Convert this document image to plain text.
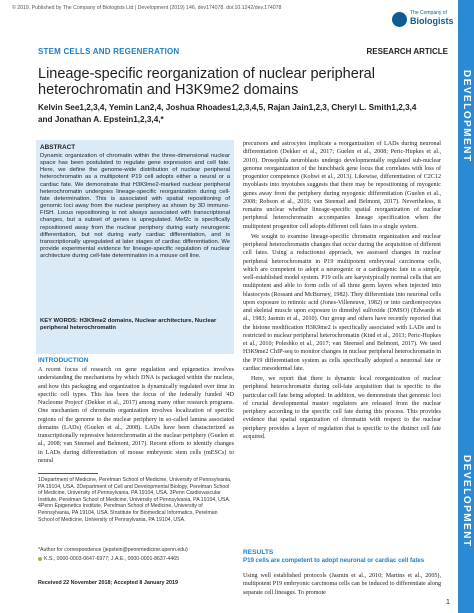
© 2019. Published by The Company of Biologists Ltd | Development (2019) 146, dev174078. doi:10.1242/dev.174078
The Company of
Biologists
STEM CELLS AND REGENERATION	RESEARCH ARTICLE
Lineage-specific reorganization of nuclear peripheral heterochromatin and H3K9me2 domains
Kelvin See1,2,3,4, Yemin Lan2,4, Joshua Rhoades1,2,3,4,5, Rajan Jain1,2,3, Cheryl L. Smith1,2,3,4 and Jonathan A. Epstein1,2,3,4,*	DEVELOPMENT
DEVELOPMENT
ABSTRACT
Dynamic organization of chromatin within the three-dimensional nuclear space has been postulated to regulate gene expression and cell fate. Here, we define the genome-wide distribution of nuclear peripheral heterochromatin as a multipotent P19 cell adopts either a neural or a cardiac fate. We demonstrate that H3K9me2-marked nuclear peripheral heterochromatin undergoes lineage-specific reorganization during cell-fate determination. This is associated with spatial repositioning of genomic loci away from the nuclear periphery as shown by 3D immuno-FISH. Locus repositioning is not always associated with transcriptional changes, but a subset of genes is upregulated. Mef2c is specifically repositioned away from the nuclear periphery during early neurogenic differentiation, but not during early cardiac differentiation, and is transcriptionally upregulated at later stages of cardiac differentiation. We provide experimental evidence for lineage-specific regulation of nuclear architecture during cell-fate determination in a mouse cell line.
KEY WORDS: H3K9me2 domains, Nuclear architecture, Nuclear peripheral heterochromatin
INTRODUCTION
A recent focus of research on gene regulation and epigenetics involves understanding the mechanisms by which DNA is packaged within the nucleus, and how this packaging and organization is dynamically regulated over time in specific cell types. This has been the focus of the federally funded '4D Nucleome Project' (Dekker et al., 2017) among many other research programs. One mechanism of chromatin organization involves localization of specific regions of the genome to the nuclear periphery in so-called lamina associated domains (LADs) (Guelen et al., 2008). LADs have been characterized as transcriptionally repressive heterochromatin at the nuclear periphery (Guelen et al., 2008; van Steensel and Belmont, 2017). Recent efforts to identify changes in LADs during differentiation of mouse embryonic stem cells (mESCs) to neural
1Department of Medicine, Perelman School of Medicine, University of Pennsylvania, PA 19104, USA. 2Department of Cell and Developmental Biology, Perelman School of Medicine, University of Pennsylvania, PA 19104, USA. 3Penn Cardiovascular Institute, Perelman School of Medicine, University of Pennsylvania, PA 19104, USA. 4Penn Epigenetics Institute, Perelman School of Medicine, University of Pennsylvania, PA 19104, USA. 5Institute for Biomedical Informatics, Perelman School of Medicine, University of Pennsylvania, PA 19104, USA.
*Author for correspondence (jepstein@pennmedicine.upenn.edu)
K.S., 0000-0003-0647-6977; J.A.E., 0000-0001-8637-4465
Received 22 November 2018; Accepted 8 January 2019

precursors and astrocytes implicate a reorganization of LADs during neuronal differentiation (Dekker et al., 2017; Guelen et al., 2008; Peric-Hupkes et al., 2010). Drosophila neuroblasts undergo developmentally regulated sub-nuclear genome reorganization of the hunchback gene locus that correlates with loss of progenitor competence (Kohwi et al., 2013). Likewise, differentiation of C2C12 myoblasts into myotubes suggests that there may be repositioning of myogenic genes away from the periphery during myogenic differentiation (Guelen et al., 2008; Robson et al., 2016; van Steensel and Belmont, 2017). Nevertheless, it remains unclear whether lineage-specific spatial reorganization of nuclear peripheral heterochromatin accompanies lineage specification when the multipotent progenitor cell adopts different cell fates in a single system.

We sought to examine lineage-specific chromatin organization and nuclear peripheral heterochromatin changes that occur during the acquisition of different cell fates. Using a reductionist approach, we assessed changes in nuclear peripheral heterochromatin in P19 multipotent embryonal carcinoma cells, which are competent to adopt a neurogenic or a cardiogenic fate in a simple, well-established model system. P19 cells are karyotypically normal cells that are multipotent and able to form cells of all three germ layers when injected into blastocysts (Rossant and McBurney, 1982). They differentiate into neuronal cells upon exposure to retinoic acid (Jones-Villeneuve, 1982) or into cardiomyocytes and skeletal muscle upon exposure to dimethyl sulfoxide (DMSO) (Edwards et al., 1983; Jasmin et al., 2010). Our group and others have recently reported that the histone modification H3K9me2 is specifically associated with LADs and is restricted to nuclear peripheral heterochromatin (Kind et al., 2013; Peric-Hupkes et al., 2010; Poleshko et al., 2017; van Steensel and Belmont, 2017). We used H3K9me2 ChIP-seq to monitor changes in nuclear peripheral heterochromatin in the P19 differentiation system as cells specifically adopted a neuronal fate or cardiac mesodermal fate.

Here, we report that there is dynamic local reorganization of nuclear peripheral heterochromatin during cell-fate acquisition that is specific to the particular cell fate being adopted. In addition, we demonstrate that genomic loci of crucial developmental master regulators are released from the nuclear periphery according to the specific cell fate during this process. This provides evidence that spatial organization of chromatin with respect to the nuclear periphery provides a layer of regulation that is specific to the distinct cell fate acquired.

RESULTS
P19 cells are competent to adopt neuronal or cardiac cell fates
Using well established protocols (Jasmin et al., 2010; Martins et al., 2005), multipotent P19 embryonic carcinoma cells can be induced to differentiate along separate cell lineages. To promote
1
